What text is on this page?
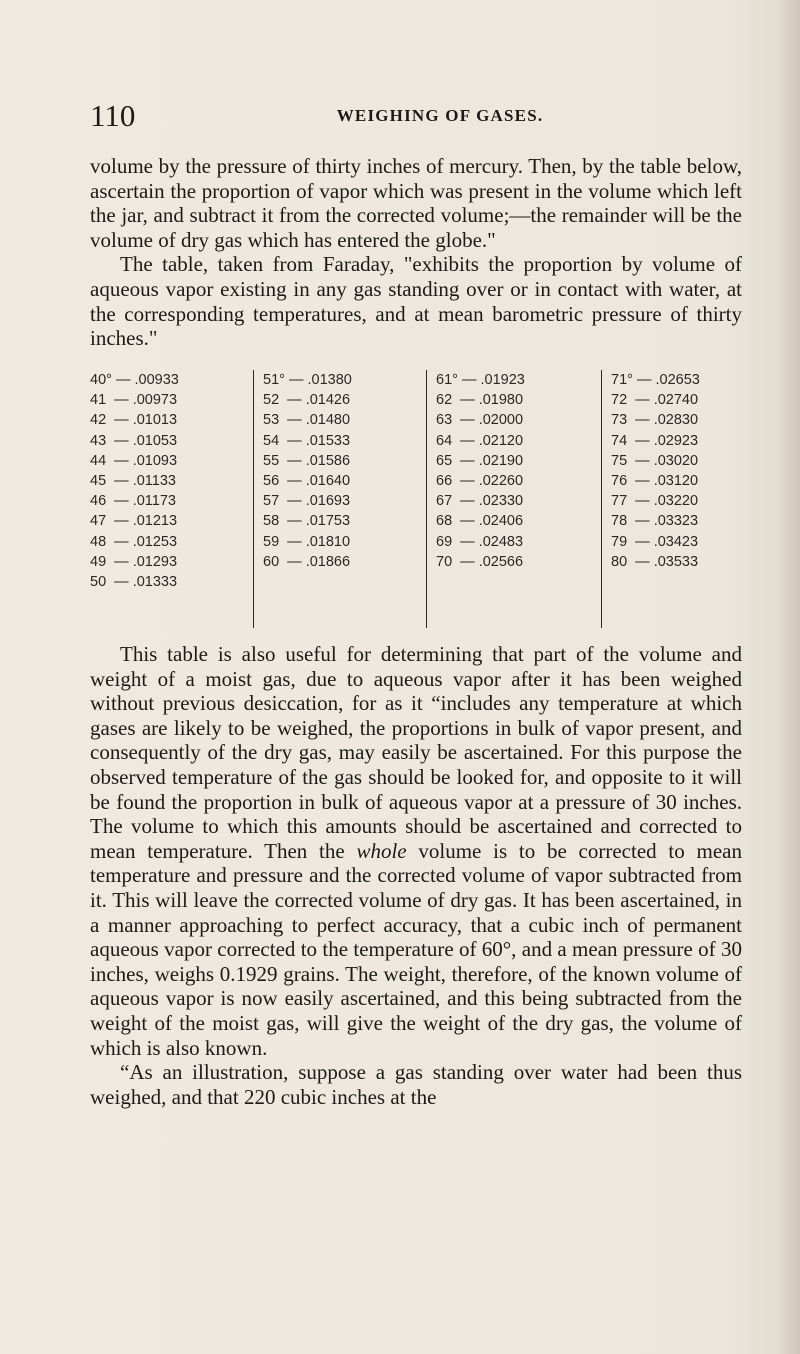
110	WEIGHING OF GASES.

volume by the pressure of thirty inches of mercury. Then, by the table below, ascertain the proportion of vapor which was present in the volume which left the jar, and subtract it from the corrected volume;—the remainder will be the volume of dry gas which has entered the globe."

The table, taken from Faraday, "exhibits the proportion by volume of aqueous vapor existing in any gas standing over or in contact with water, at the corresponding temperatures, and at mean barometric pressure of thirty inches."

40° — .00933
41  — .00973
42  — .01013
43  — .01053
44  — .01093
45  — .01133
46  — .01173
47  — .01213
48  — .01253
49  — .01293
50  — .01333
51° — .01380
52  — .01426
53  — .01480
54  — .01533
55  — .01586
56  — .01640
57  — .01693
58  — .01753
59  — .01810
60  — .01866
61° — .01923
62  — .01980
63  — .02000
64  — .02120
65  — .02190
66  — .02260
67  — .02330
68  — .02406
69  — .02483
70  — .02566
71° — .02653
72  — .02740
73  — .02830
74  — .02923
75  — .03020
76  — .03120
77  — .03220
78  — .03323
79  — .03423
80  — .03533

This table is also useful for determining that part of the volume and weight of a moist gas, due to aqueous vapor after it has been weighed without previous desiccation, for as it “includes any temperature at which gases are likely to be weighed, the proportions in bulk of vapor present, and consequently of the dry gas, may easily be ascertained. For this purpose the observed temperature of the gas should be looked for, and opposite to it will be found the proportion in bulk of aqueous vapor at a pressure of 30 inches. The volume to which this amounts should be ascertained and corrected to mean temperature. Then the whole volume is to be corrected to mean temperature and pressure and the corrected volume of vapor subtracted from it. This will leave the corrected volume of dry gas. It has been ascertained, in a manner approaching to perfect accuracy, that a cubic inch of permanent aqueous vapor corrected to the temperature of 60°, and a mean pressure of 30 inches, weighs 0.1929 grains. The weight, therefore, of the known volume of aqueous vapor is now easily ascertained, and this being subtracted from the weight of the moist gas, will give the weight of the dry gas, the volume of which is also known.

“As an illustration, suppose a gas standing over water had been thus weighed, and that 220 cubic inches at the
